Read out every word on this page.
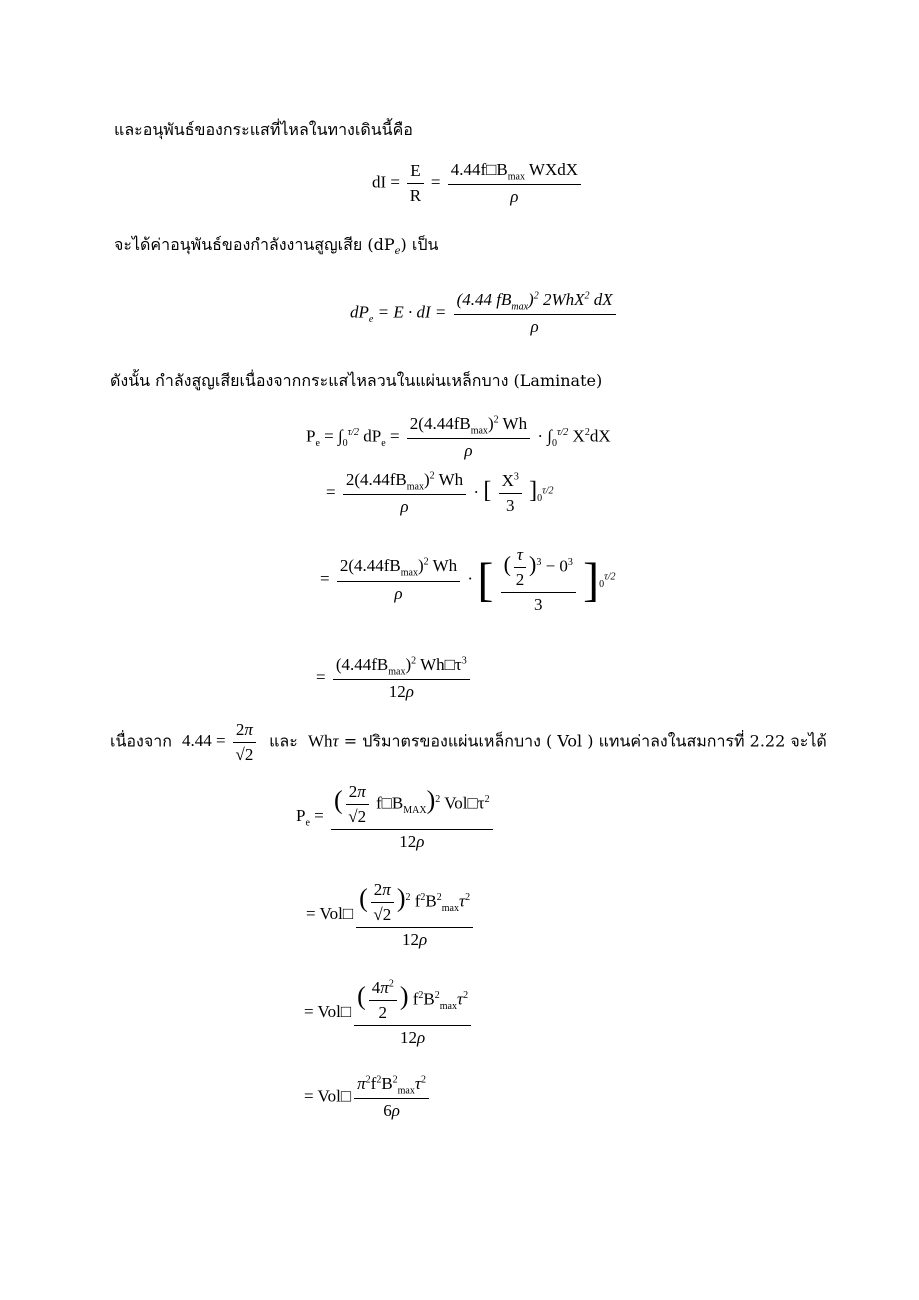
และอนุพันธ์ของกระแสที่ไหลในทางเดินนี้คือ
dI = $\frac{E}{R}$ =
$4.44f□B_{max}$ WXdX
ρ
จะได้ค่าอนุพันธ์ของกำลังงานสูญเสีย $(dP_e)$ เป็น
$dP_e = E$ · dI =
(4.44 $fB_{max})^2$ 2WhX$^2$ dX
ρ
ดังนั้น กำลังสูญเสียเนื่องจากกระแสไหลวนในแผ่นเหล็กบาง (Laminate)
$P_e = \int_0^{\tau/2}$ $dP_e$ =
$2(4.44fB_{max})^2$ Wh
ρ
· $\int_0^{\tau/2}$ $X^2dX$
=
$2(4.44fB_{max})^2$ Wh
ρ
· [ $\frac{X^3}{3} ]_0^{\tau/2}$
=
$2(4.44fB_{max})^2$ Wh
ρ
· [ $\frac{( \frac{\tau}{2} )^3 - 0^3}{3} ]_0^{\tau/2}$
=
$(4.44fB_{max})^2$ $Wh□\tau^3$
12ρ
เนื่องจาก $4.44 = \frac{2\pi}{√2}$ และ Whτ = ปริมาตรของแผ่นเหล็กบาง ( Vol ) แทนค่าลงในสมการที่ 2.22 จะได้
$P_e$ =
( $\frac{2\pi}{√2}$ $f□B_{MAX})^2$ $Vol□\tau^2$
12ρ
= Vol□
( $\frac{2\pi}{√2} )^2$ $f^2B^2_{max}\tau^2$
12ρ
= Vol□
( $\frac{4\pi^2}{2}$ ) $f^2B^2_{max}\tau^2$
12ρ
= Vol□
$\pi^2f^2B^2_{max}\tau^2$
6ρ
